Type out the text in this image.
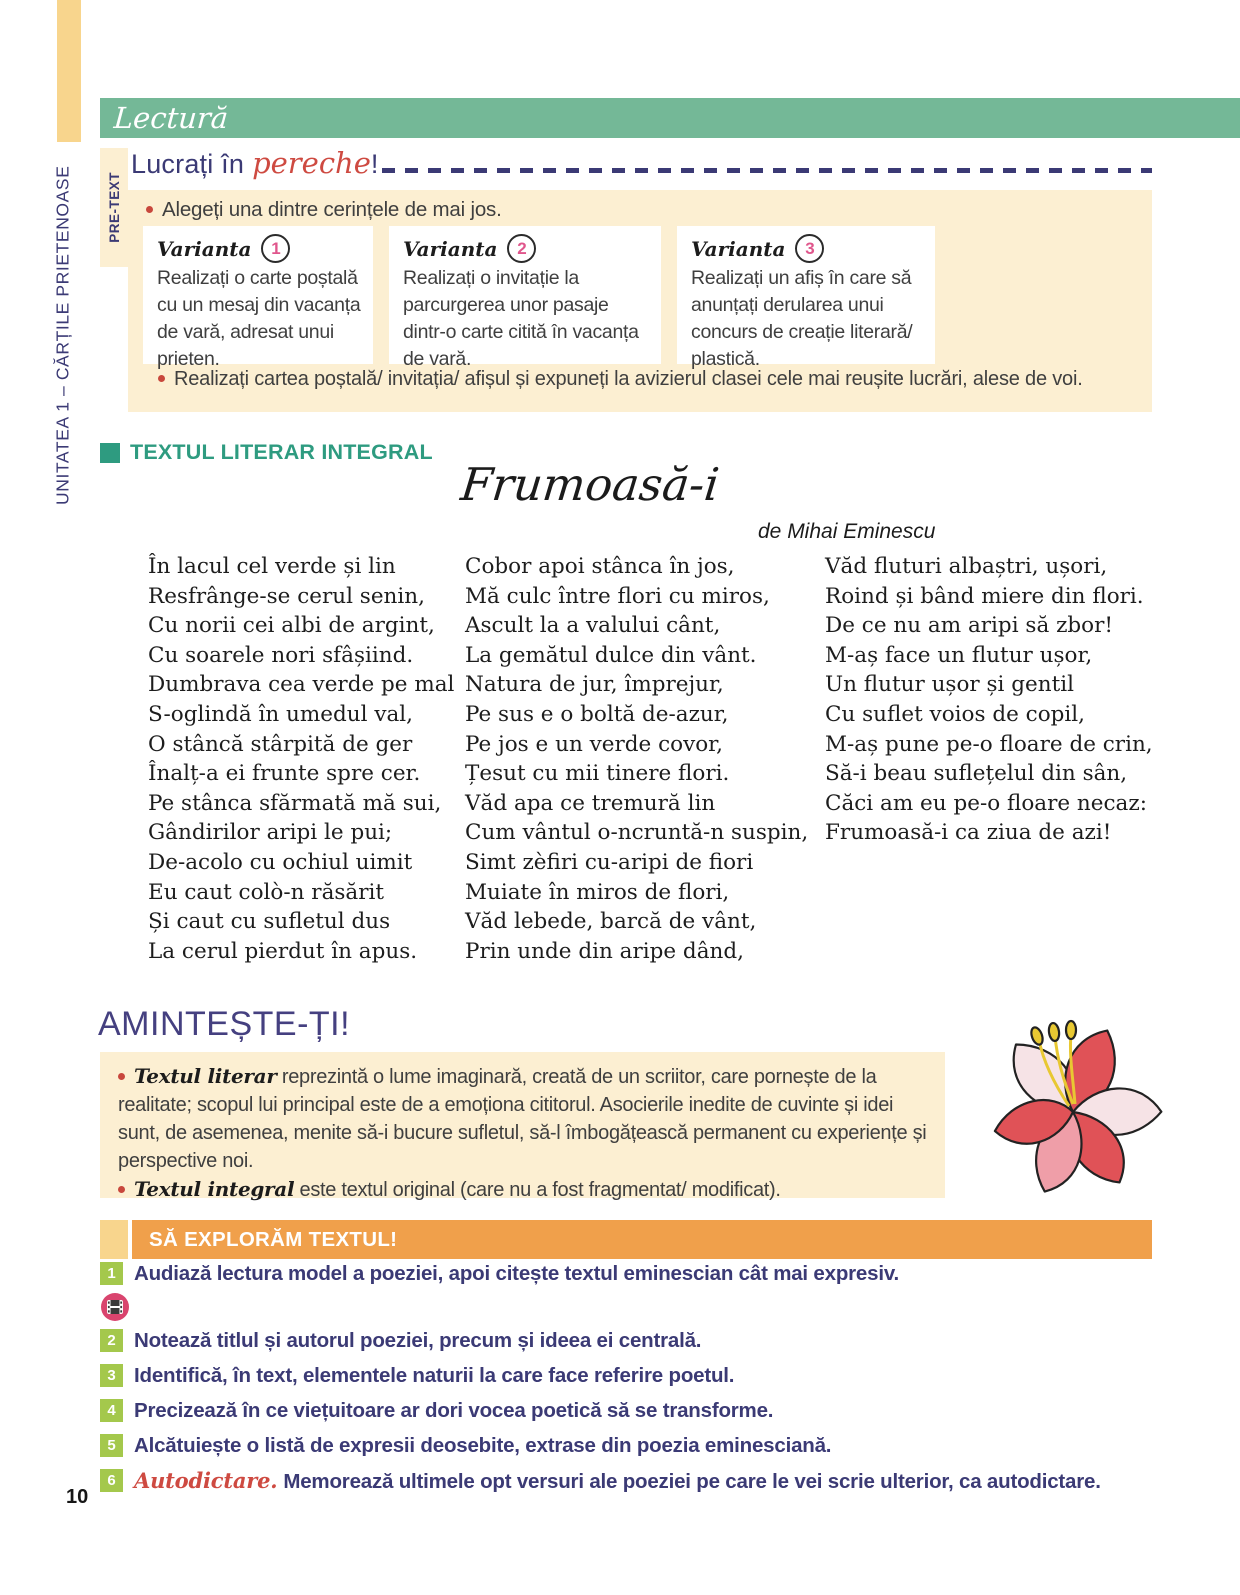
UNITATEA 1 – CĂRȚILE PRIETENOASE	PRE-TEXT
10
Lectură
Lucrați în pereche !
Alegeți una dintre cerințele de mai jos.
Varianta	1
Realizați o carte poștală cu un mesaj din vacanța de vară, adresat unui prieten.
Varianta	2
Realizați o invitație la parcurgerea unor pasaje dintr-o carte citită în vacanța de vară.
Varianta	3
Realizați un afiș în care să anunțați derularea unui concurs de creație literară/ plastică.
Realizați cartea poștală/ invitația/ afișul și expuneți la avizierul clasei cele mai reușite lucrări, alese de voi.
TEXTUL LITERAR INTEGRAL
Frumoasă-i
de Mihai Eminescu
În lacul cel verde și lin
Resfrânge-se cerul senin,
Cu norii cei albi de argint,
Cu soarele nori sfâșiind.
Dumbrava cea verde pe mal
S-oglindă în umedul val,
O stâncă stârpită de ger
Înalț-a ei frunte spre cer.
Pe stânca sfărmată mă sui,
Gândirilor aripi le pui;
De-acolo cu ochiul uimit
Eu caut colò-n răsărit
Și caut cu sufletul dus
La cerul pierdut în apus.
Cobor apoi stânca în jos,
Mă culc între flori cu miros,
Ascult la a valului cânt,
La gemătul dulce din vânt.
Natura de jur, împrejur,
Pe sus e o boltă de-azur,
Pe jos e un verde covor,
Țesut cu mii tinere flori.
Văd apa ce tremură lin
Cum vântul o-ncruntă-n suspin,
Simt zèfiri cu-aripi de fiori
Muiate în miros de flori,
Văd lebede, barcă de vânt,
Prin unde din aripe dând,
Văd fluturi albaștri, ușori,
Roind și bând miere din flori.
De ce nu am aripi să zbor!
M-aș face un flutur ușor,
Un flutur ușor și gentil
Cu suflet voios de copil,
M-aș pune pe-o floare de crin,
Să-i beau suflețelul din sân,
Căci am eu pe-o floare necaz:
Frumoasă-i ca ziua de azi!
AMINTEȘTE-ȚI!
Textul literar reprezintă o lume imaginară, creată de un scriitor, care pornește de la realitate; scopul lui principal este de a emoționa cititorul. Asocierile inedite de cuvinte și idei sunt, de asemenea, menite să-i bucure sufletul, să-l îmbogățească permanent cu experiențe și perspective noi.
Textul integral este textul original (care nu a fost fragmentat/ modificat).
SĂ EXPLORĂM TEXTUL!
1 Audiază lectura model a poeziei, apoi citește textul eminescian cât mai expresiv.
2 Notează titlul și autorul poeziei, precum și ideea ei centrală.
3 Identifică, în text, elementele naturii la care face referire poetul.
4 Precizează în ce viețuitoare ar dori vocea poetică să se transforme.
5 Alcătuiește o listă de expresii deosebite, extrase din poezia eminesciană.
6 Autodictare. Memorează ultimele opt versuri ale poeziei pe care le vei scrie ulterior, ca autodictare.
